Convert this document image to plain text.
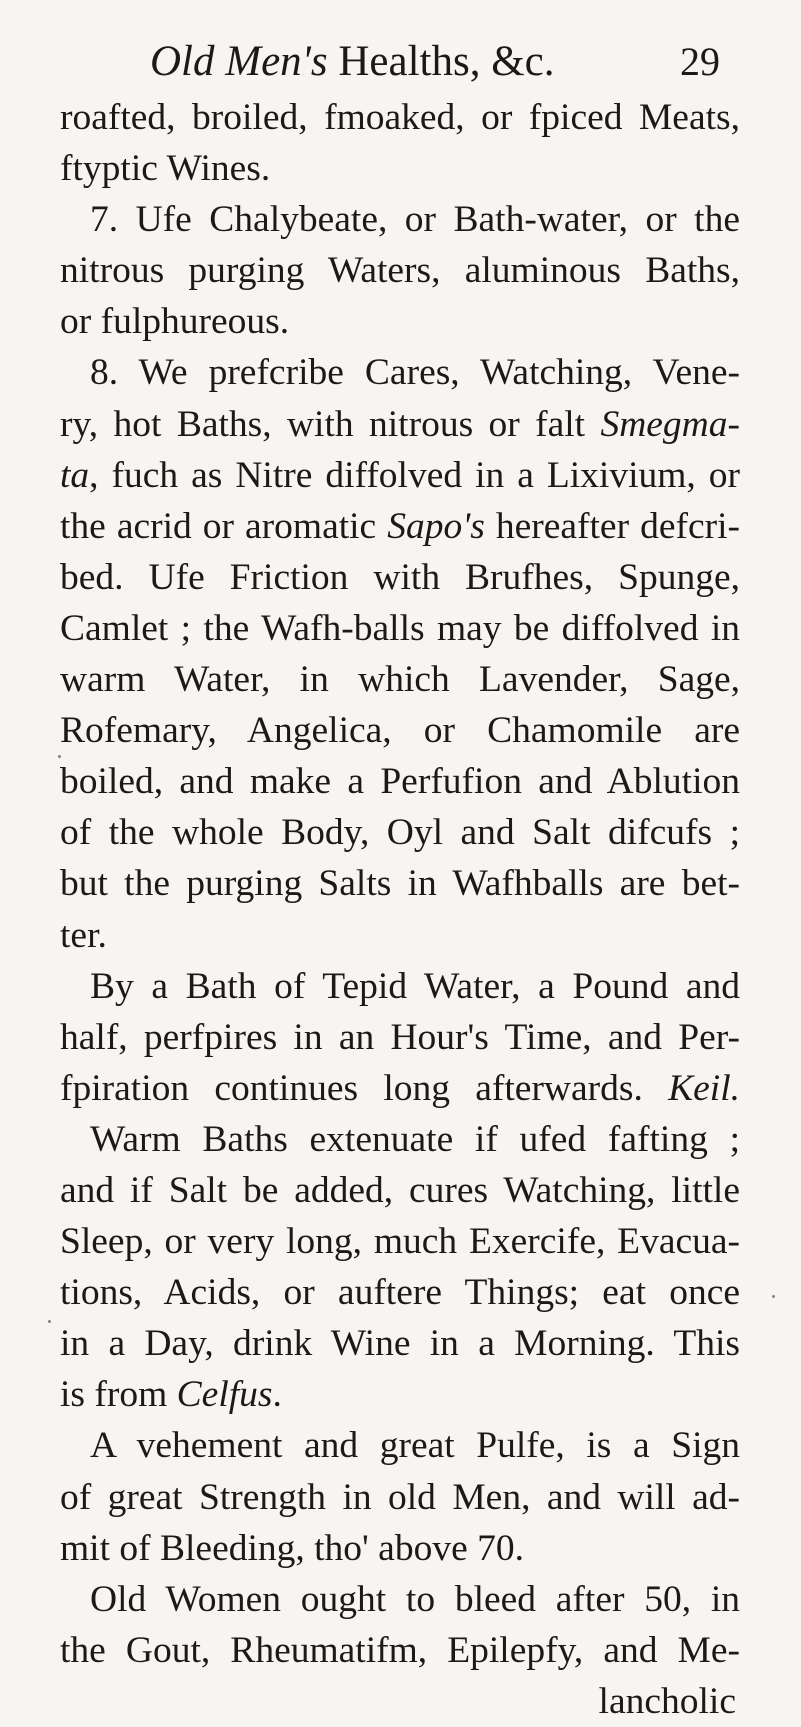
Old Men's Healths, &c.	29
roafted, broiled, fmoaked, or fpiced Meats,
ftyptic Wines.
7. Ufe Chalybeate, or Bath-water, or the
nitrous purging Waters, aluminous Baths,
or fulphureous.
8. We prefcribe Cares, Watching, Vene-
ry, hot Baths, with nitrous or falt Smegma-
ta, fuch as Nitre diffolved in a Lixivium, or
the acrid or aromatic Sapo's hereafter defcri-
bed. Ufe Friction with Brufhes, Spunge,
Camlet ; the Wafh-balls may be diffolved in
warm Water, in which Lavender, Sage,
Rofemary, Angelica, or Chamomile are
boiled, and make a Perfufion and Ablution
of the whole Body, Oyl and Salt difcufs ;
but the purging Salts in Wafhballs are bet-
ter.
By a Bath of Tepid Water, a Pound and
half, perfpires in an Hour's Time, and Per-
fpiration continues long afterwards. Keil.
Warm Baths extenuate if ufed fafting ;
and if Salt be added, cures Watching, little
Sleep, or very long, much Exercife, Evacua-
tions, Acids, or auftere Things; eat once
in a Day, drink Wine in a Morning. This
is from Celfus.
A vehement and great Pulfe, is a Sign
of great Strength in old Men, and will ad-
mit of Bleeding, tho' above 70.
Old Women ought to bleed after 50, in
the Gout, Rheumatifm, Epilepfy, and Me-
lancholic
